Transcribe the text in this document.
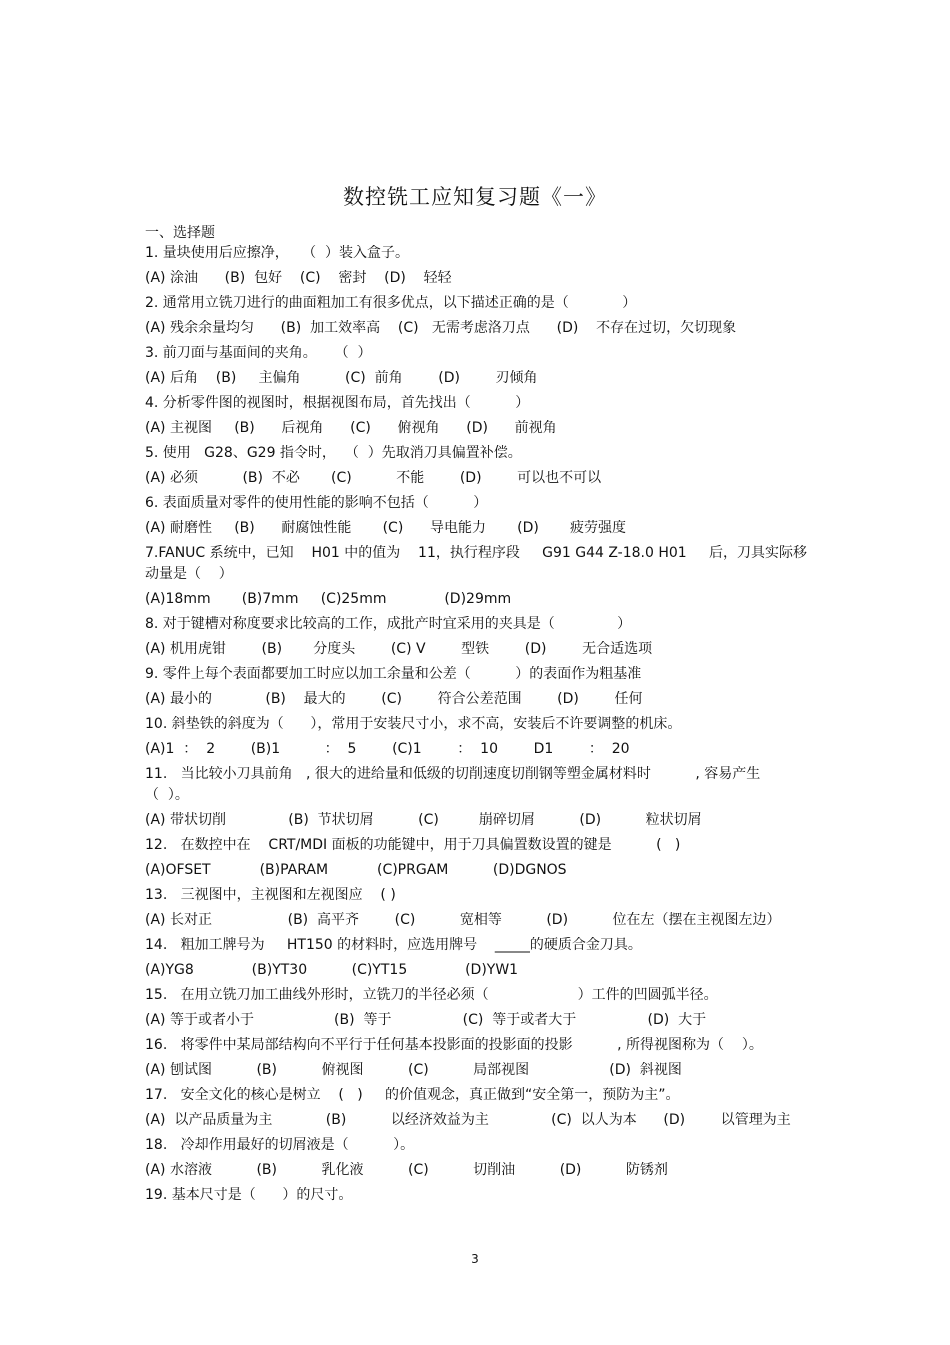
数控铣工应知复习题《一》
一、选择题
1. 量块使用后应擦净，   （  ）装入盒子。
(A) 涂油      (B)  包好    (C)    密封    (D)    轻轻
2. 通常用立铣刀进行的曲面粗加工有很多优点，以下描述正确的是（            ）
(A) 残余余量均匀      (B)  加工效率高    (C)   无需考虑洛刀点      (D)    不存在过切，欠切现象
3. 前刀面与基面间的夹角。    （  ）
(A) 后角    (B)     主偏角          (C)  前角        (D)        刃倾角
4. 分析零件图的视图时，根据视图布局，首先找出（          ）
(A) 主视图     (B)      后视角      (C)      俯视角      (D)      前视角
5. 使用   G28、G29 指令时，  （  ）先取消刀具偏置补偿。
(A) 必须          (B)  不必       (C)          不能        (D)        可以也不可以
6. 表面质量对零件的使用性能的影响不包括（          ）
(A) 耐磨性     (B)      耐腐蚀性能       (C)      导电能力       (D)       疲劳强度
7.FANUC 系统中，已知    H01 中的值为    11，执行程序段     G91 G44 Z-18.0 H01     后，刀具实际移
动量是（    ）
(A)18mm       (B)7mm     (C)25mm             (D)29mm
8. 对于键槽对称度要求比较高的工作，成批产时宜采用的夹具是（              ）
(A) 机用虎钳        (B)       分度头        (C) V        型铁        (D)        无合适选项
9. 零件上每个表面都要加工时应以加工余量和公差（          ）的表面作为粗基准
(A) 最小的            (B)    最大的        (C)        符合公差范围        (D)        任何
10. 斜垫铁的斜度为（      ），常用于安装尺寸小，求不高，安装后不许要调整的机床。
(A)1  ：  2        (B)1          ：  5        (C)1        ：  10        D1        ：  20
11.   当比较小刀具前角   , 很大的进给量和低级的切削速度切削钢等塑金属材料时          , 容易产生
（  ）。
(A) 带状切削              (B)  节状切屑          (C)         崩碎切屑          (D)          粒状切屑
12.   在数控中在    CRT/MDI 面板的功能键中，用于刀具偏置数设置的键是          (   )
(A)OFSET           (B)PARAM           (C)PRGAM          (D)DGNOS
13.   三视图中，主视图和左视图应    ( )
(A) 长对正                 (B)  高平齐        (C)          宽相等          (D)          位在左（摆在主视图左边）
14.   粗加工牌号为     HT150 的材料时，应选用牌号    _____的硬质合金刀具。
(A)YG8             (B)YT30          (C)YT15             (D)YW1
15.   在用立铣刀加工曲线外形时，立铣刀的半径必须（                    ）工件的凹圆弧半径。
(A) 等于或者小于                  (B)  等于                (C)  等于或者大于                (D)  大于
16.   将零件中某局部结构向不平行于任何基本投影面的投影面的投影          , 所得视图称为（    ）。
(A) 刨试图          (B)          俯视图          (C)          局部视图                  (D)  斜视图
17.   安全文化的核心是树立    (   )     的价值观念，真正做到“安全第一，预防为主”。
(A)  以产品质量为主            (B)          以经济效益为主              (C)  以人为本      (D)        以管理为主
18.   冷却作用最好的切屑液是（          ）。
(A) 水溶液          (B)          乳化液          (C)          切削油          (D)          防锈剂
19. 基本尺寸是（      ）的尺寸。
3
